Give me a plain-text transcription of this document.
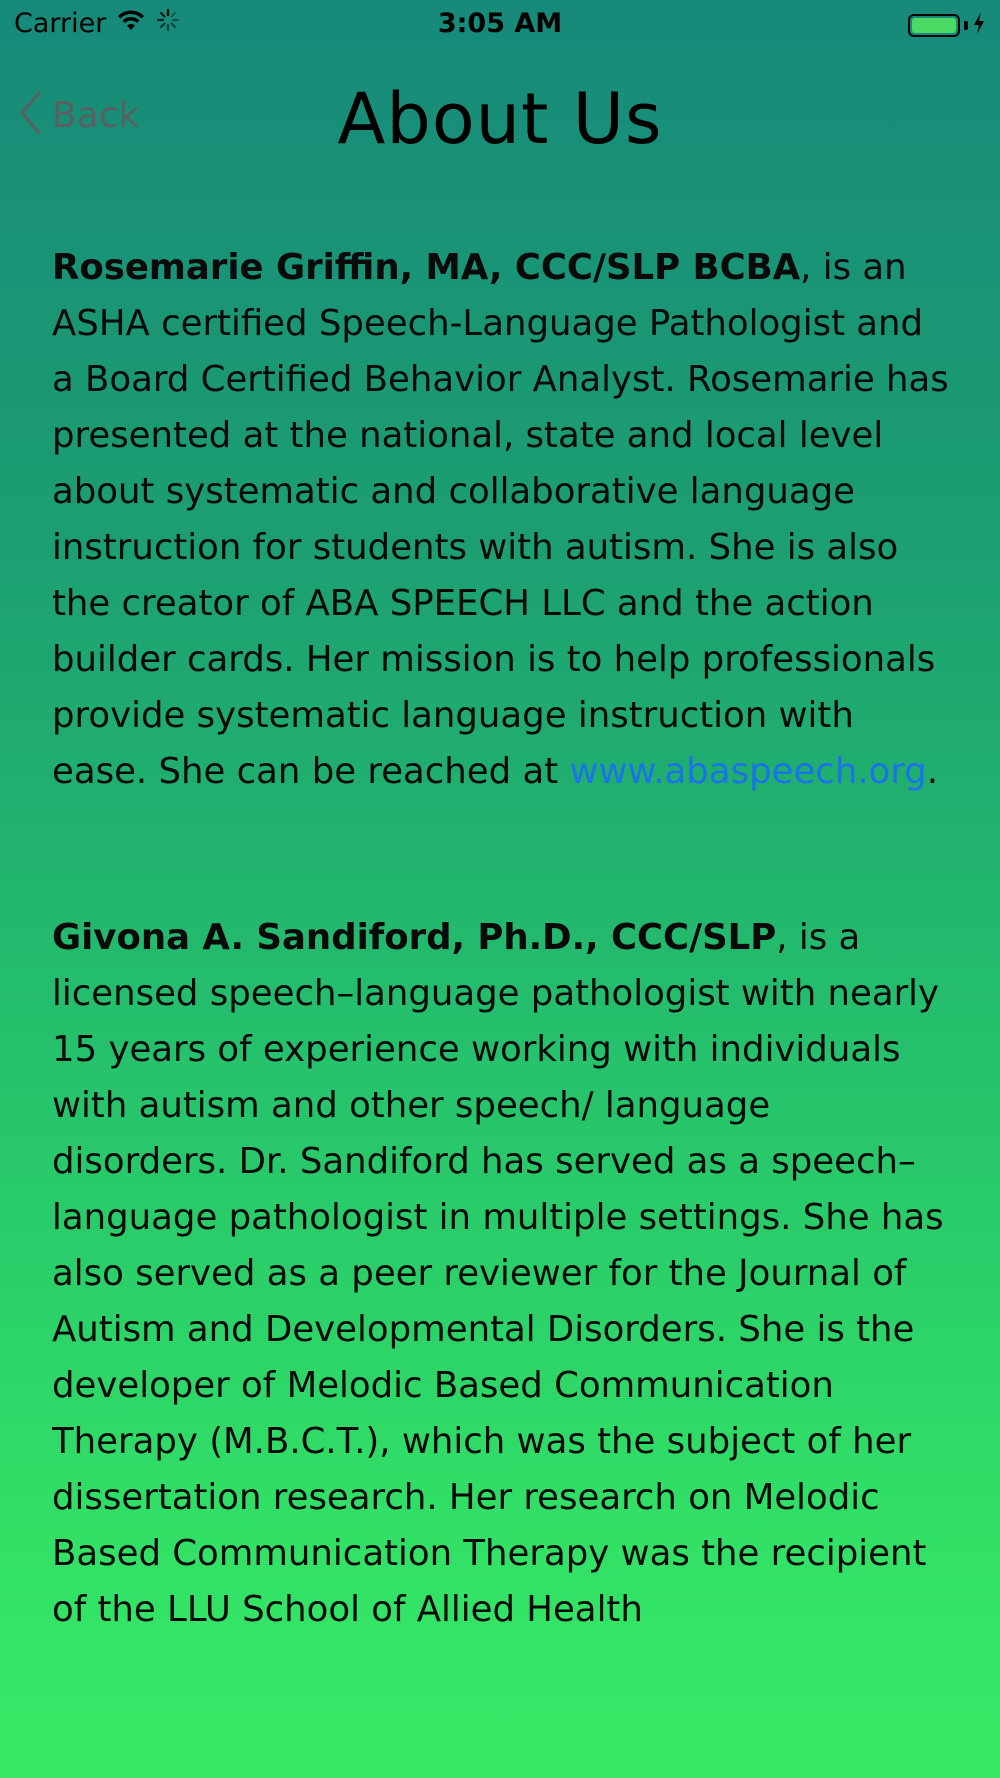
Carrier	3:05 AM
Back	About Us

Rosemarie Griffin, MA, CCC/SLP BCBA, is an ASHA certified Speech-Language Pathologist and a Board Certified Behavior Analyst. Rosemarie has presented at the national, state and local level about systematic and collaborative language instruction for students with autism. She is also the creator of ABA SPEECH LLC and the action builder cards. Her mission is to help professionals provide systematic language instruction with ease. She can be reached at www.abaspeech.org.

Givona A. Sandiford, Ph.D., CCC/SLP, is a licensed speech–language pathologist with nearly 15 years of experience working with individuals with autism and other speech/ language disorders. Dr. Sandiford has served as a speech–language pathologist in multiple settings. She has also served as a peer reviewer for the Journal of Autism and Developmental Disorders. She is the developer of Melodic Based Communication Therapy (M.B.C.T.), which was the subject of her dissertation research. Her research on Melodic Based Communication Therapy was the recipient of the LLU School of Allied Health
